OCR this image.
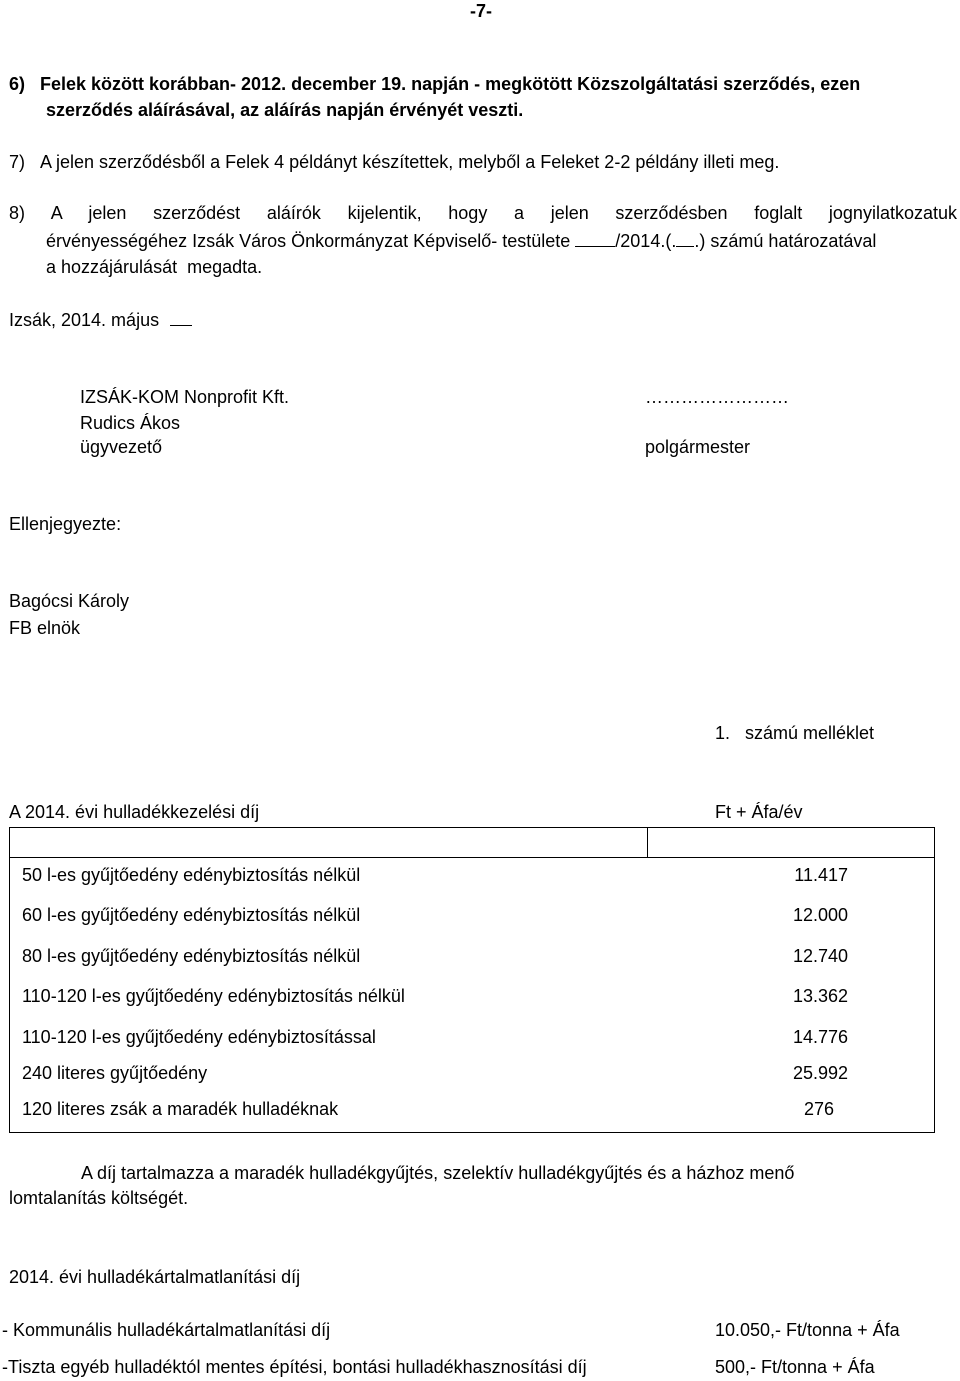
-7-
6)   Felek között korábban- 2012. december 19. napján - megkötött Közszolgáltatási szerződés, ezen
szerződés aláírásával, az aláírás napján érvényét veszti.
7)   A jelen szerződésből a Felek 4 példányt készítettek, melyből a Feleket 2-2 példány illeti meg.
8) A jelen szerződést aláírók kijelentik, hogy a jelen szerződésben foglalt jognyilatkozatuk
érvényességéhez Izsák Város Önkormányzat Képviselő- testülete	/2014.(. .) számú határozatával
a hozzájárulását  megadta.
Izsák, 2014. május
IZSÁK-KOM Nonprofit Kft.
Rudics Ákos
ügyvezető
……………………
polgármester
Ellenjegyezte:
Bagócsi Károly
FB elnök
1.   számú melléklet
A 2014. évi hulladékkezelési díj	Ft + Áfa/év
50 l-es gyűjtőedény edénybiztosítás nélkül	11.417
60 l-es gyűjtőedény edénybiztosítás nélkül	12.000
80 l-es gyűjtőedény edénybiztosítás nélkül	12.740
110-120 l-es gyűjtőedény edénybiztosítás nélkül	13.362
110-120 l-es gyűjtőedény edénybiztosítással	14.776
240 literes gyűjtőedény	25.992
120 literes zsák a maradék hulladéknak	276
A díj tartalmazza a maradék hulladékgyűjtés, szelektív hulladékgyűjtés és a házhoz menő
lomtalanítás költségét.
2014. évi hulladékártalmatlanítási díj
- Kommunális hulladékártalmatlanítási díj	10.050,- Ft/tonna + Áfa
-Tiszta egyéb hulladéktól mentes építési, bontási hulladékhasznosítási díj	500,- Ft/tonna + Áfa
